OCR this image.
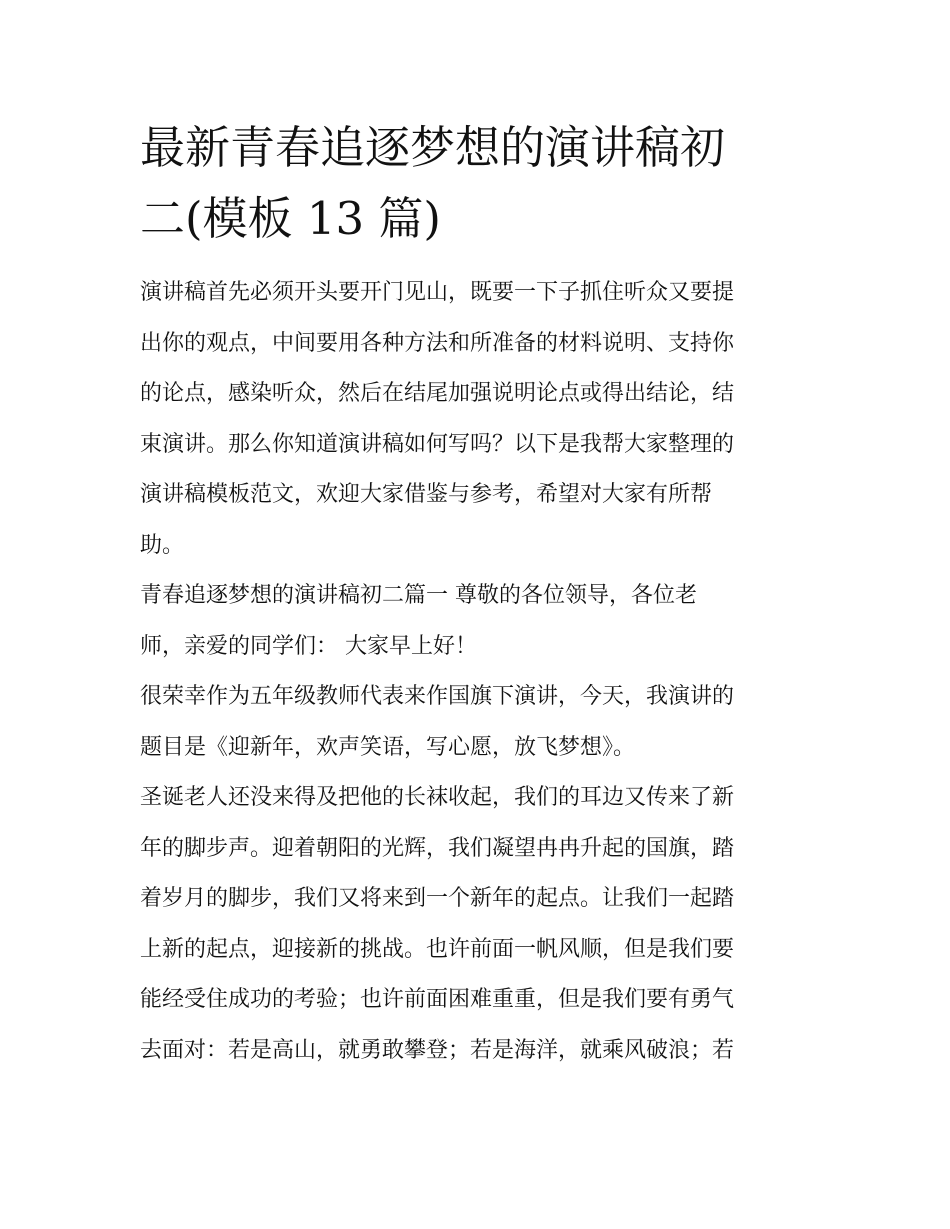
最新青春追逐梦想的演讲稿初
二(模板 13 篇)

演讲稿首先必须开头要开门见山，既要一下子抓住听众又要提
出你的观点，中间要用各种方法和所准备的材料说明、支持你
的论点，感染听众，然后在结尾加强说明论点或得出结论，结
束演讲。那么你知道演讲稿如何写吗？以下是我帮大家整理的
演讲稿模板范文，欢迎大家借鉴与参考，希望对大家有所帮
助。

青春追逐梦想的演讲稿初二篇一 尊敬的各位领导，各位老
师，亲爱的同学们： 大家早上好！

很荣幸作为五年级教师代表来作国旗下演讲，今天，我演讲的
题目是《迎新年，欢声笑语，写心愿，放飞梦想》。

圣诞老人还没来得及把他的长袜收起，我们的耳边又传来了新
年的脚步声。迎着朝阳的光辉，我们凝望冉冉升起的国旗，踏
着岁月的脚步，我们又将来到一个新年的起点。让我们一起踏
上新的起点，迎接新的挑战。也许前面一帆风顺，但是我们要
能经受住成功的考验；也许前面困难重重，但是我们要有勇气
去面对：若是高山，就勇敢攀登；若是海洋，就乘风破浪；若
